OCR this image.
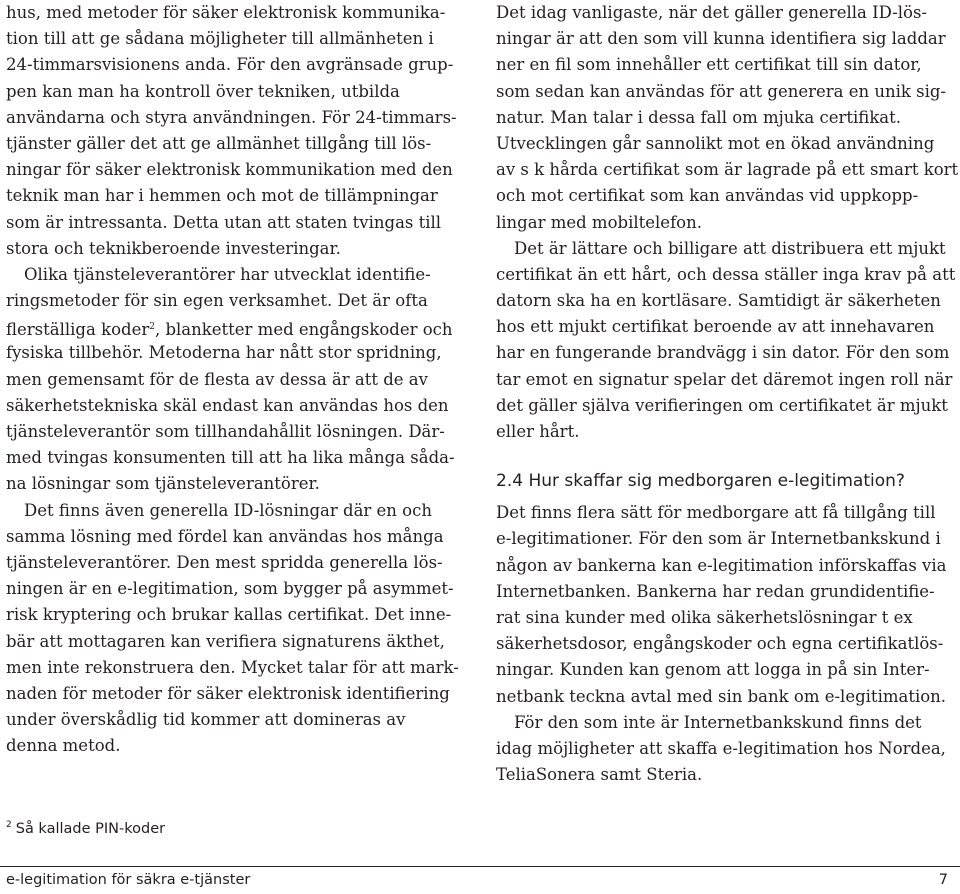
hus, med metoder för säker elektronisk kommunika-
tion till att ge sådana möjligheter till allmänheten i
24-timmarsvisionens anda. För den avgränsade grup-
pen kan man ha kontroll över tekniken, utbilda
användarna och styra användningen. För 24-timmars-
tjänster gäller det att ge allmänhet tillgång till lös-
ningar för säker elektronisk kommunikation med den
teknik man har i hemmen och mot de tillämpningar
som är intressanta. Detta utan att staten tvingas till
stora och teknikberoende investeringar.
Olika tjänsteleverantörer har utvecklat identifie-
ringsmetoder för sin egen verksamhet. Det är ofta
flerställiga koder$^2$, blanketter med engångskoder och
fysiska tillbehör. Metoderna har nått stor spridning,
men gemensamt för de flesta av dessa är att de av
säkerhetstekniska skäl endast kan användas hos den
tjänsteleverantör som tillhandahållit lösningen. Där-
med tvingas konsumenten till att ha lika många såda-
na lösningar som tjänsteleverantörer.
Det finns även generella ID-lösningar där en och
samma lösning med fördel kan användas hos många
tjänsteleverantörer. Den mest spridda generella lös-
ningen är en e-legitimation, som bygger på asymmet-
risk kryptering och brukar kallas certifikat. Det inne-
bär att mottagaren kan verifiera signaturens äkthet,
men inte rekonstruera den. Mycket talar för att mark-
naden för metoder för säker elektronisk identifiering
under överskådlig tid kommer att domineras av
denna metod.
Det idag vanligaste, när det gäller generella ID-lös-
ningar är att den som vill kunna identifiera sig laddar
ner en fil som innehåller ett certifikat till sin dator,
som sedan kan användas för att generera en unik sig-
natur. Man talar i dessa fall om mjuka certifikat.
Utvecklingen går sannolikt mot en ökad användning
av s k hårda certifikat som är lagrade på ett smart kort
och mot certifikat som kan användas vid uppkopp-
lingar med mobiltelefon.
Det är lättare och billigare att distribuera ett mjukt
certifikat än ett hårt, och dessa ställer inga krav på att
datorn ska ha en kortläsare. Samtidigt är säkerheten
hos ett mjukt certifikat beroende av att innehavaren
har en fungerande brandvägg i sin dator. För den som
tar emot en signatur spelar det däremot ingen roll när
det gäller själva verifieringen om certifikatet är mjukt
eller hårt.
2.4 Hur skaffar sig medborgaren e-legitimation?
Det finns flera sätt för medborgare att få tillgång till
e-legitimationer. För den som är Internetbankskund i
någon av bankerna kan e-legitimation införskaffas via
Internetbanken. Bankerna har redan grundidentifie-
rat sina kunder med olika säkerhetslösningar t ex
säkerhetsdosor, engångskoder och egna certifikatlös-
ningar. Kunden kan genom att logga in på sin Inter-
netbank teckna avtal med sin bank om e-legitimation.
För den som inte är Internetbankskund finns det
idag möjligheter att skaffa e-legitimation hos Nordea,
TeliaSonera samt Steria.
$^2$ Så kallade PIN-koder
e-legitimation för säkra e-tjänster	7
